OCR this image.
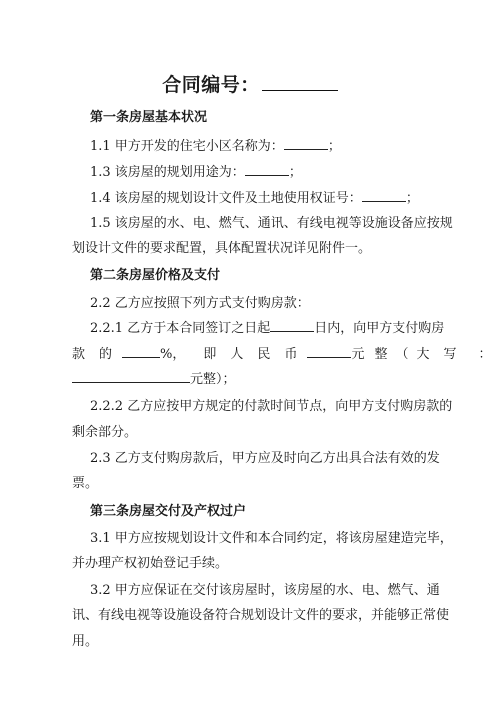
合同编号：
第一条房屋基本状况
1.1 甲方开发的住宅小区名称为：	；
1.3 该房屋的规划用途为：	；
1.4 该房屋的规划设计文件及土地使用权证号：	；
1.5 该房屋的水、电、燃气、通讯、有线电视等设施设备应按规
划设计文件的要求配置，具体配置状况详见附件一。
第二条房屋价格及支付
2.2 乙方应按照下列方式支付购房款：
2.2.1 乙方于本合同签订之日起	日内，向甲方支付购房
款 的	%， 即 人 民 币	元 整 （ 大 写 ：
元整）；
2.2.2 乙方应按甲方规定的付款时间节点，向甲方支付购房款的
剩余部分。
2.3 乙方支付购房款后，甲方应及时向乙方出具合法有效的发
票。
第三条房屋交付及产权过户
3.1 甲方应按规划设计文件和本合同约定，将该房屋建造完毕，
并办理产权初始登记手续。
3.2 甲方应保证在交付该房屋时，该房屋的水、电、燃气、通
讯、有线电视等设施设备符合规划设计文件的要求，并能够正常使
用。
